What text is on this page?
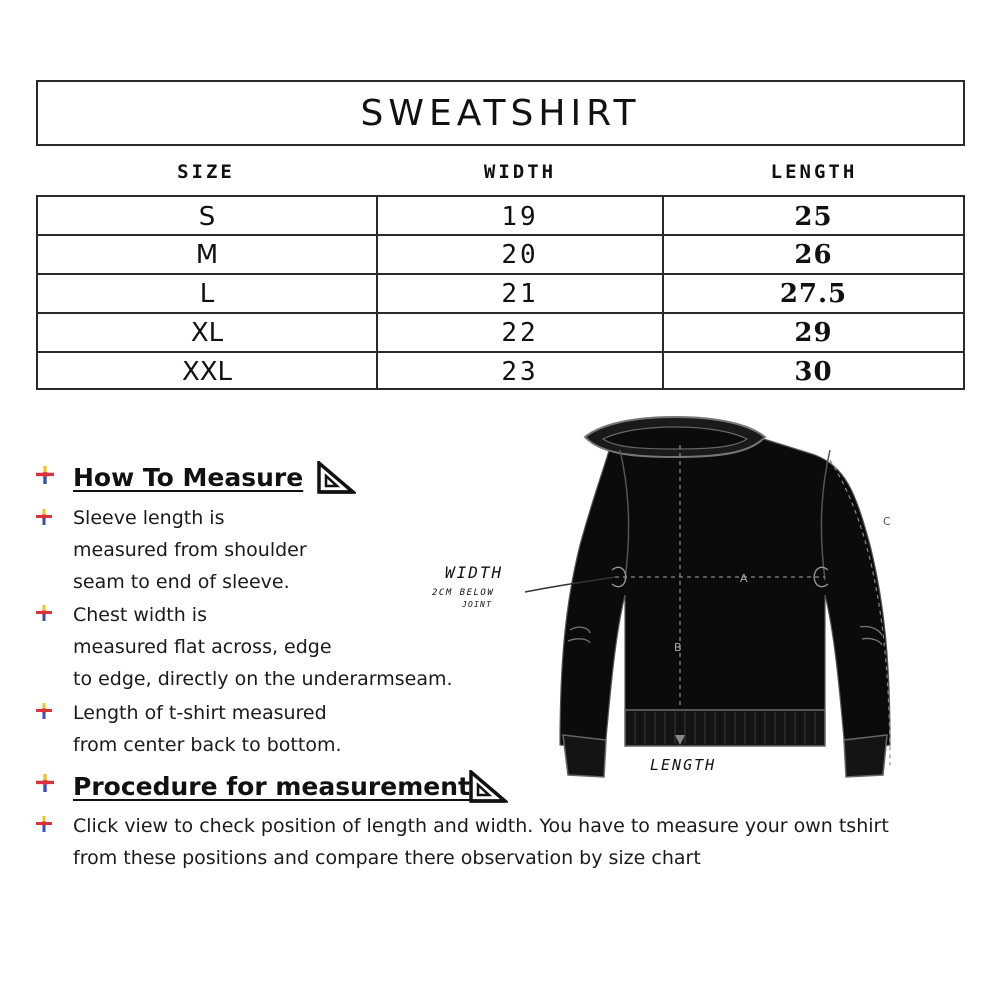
SWEATSHIRT
SIZE	WIDTH	LENGTH
S	19	25
M	20	26
L	21	27.5
XL	22	29
XXL	23	30
How To Measure
Sleeve length is
measured from shoulder
seam to end of sleeve.
Chest width is
measured flat across, edge
to edge, directly on the underarmseam.
Length of t-shirt measured
from center back to bottom.
Procedure for measurement
Click view to check position of length and width. You have to measure your own tshirt
from these positions and compare there observation by size chart
A
B
C
WIDTH
2CM BELOW
JOINT
LENGTH
